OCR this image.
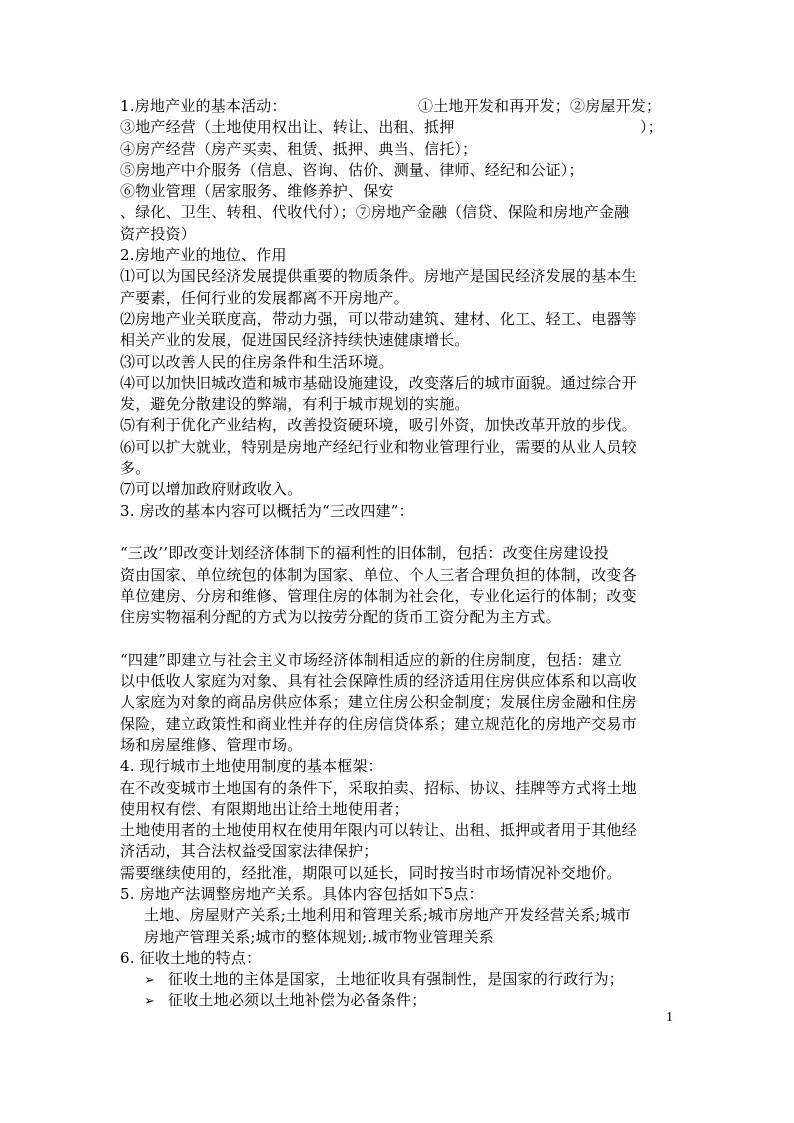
1.房地产业的基本活动：	①土地开发和再开发；②房屋开发；
③地产经营（土地使用权出让、转让、出租、抵押	）；
④房产经营（房产买卖、租赁、抵押、典当、信托）；
⑤房地产中介服务（信息、咨询、估价、测量、律师、经纪和公证）；
⑥物业管理（居家服务、维修养护、保安
、绿化、卫生、转租、代收代付）；⑦房地产金融（信贷、保险和房地产金融
资产投资）
2.房地产业的地位、作用
⑴可以为国民经济发展提供重要的物质条件。房地产是国民经济发展的基本生
产要素，任何行业的发展都离不开房地产。
⑵房地产业关联度高，带动力强，可以带动建筑、建材、化工、轻工、电器等
相关产业的发展，促进国民经济持续快速健康增长。
⑶可以改善人民的住房条件和生活环境。
⑷可以加快旧城改造和城市基础设施建设，改变落后的城市面貌。通过综合开
发，避免分散建设的弊端，有利于城市规划的实施。
⑸有利于优化产业结构，改善投资硬环境，吸引外资，加快改革开放的步伐。
⑹可以扩大就业，特别是房地产经纪行业和物业管理行业，需要的从业人员较
多。
⑺可以增加政府财政收入。
3. 房改的基本内容可以概括为“三改四建”：
“三改’’即改变计划经济体制下的福利性的旧体制，包括：改变住房建设投
资由国家、单位统包的体制为国家、单位、个人三者合理负担的体制，改变各
单位建房、分房和维修、管理住房的体制为社会化，专业化运行的体制；改变
住房实物福利分配的方式为以按劳分配的货币工资分配为主方式。
“四建”即建立与社会主义市场经济体制相适应的新的住房制度，包括：建立
以中低收人家庭为对象、具有社会保障性质的经济适用住房供应体系和以高收
人家庭为对象的商品房供应体系；建立住房公积金制度；发展住房金融和住房
保险，建立政策性和商业性并存的住房信贷体系；建立规范化的房地产交易市
场和房屋维修、管理市场。
4. 现行城市土地使用制度的基本框架：
在不改变城市土地国有的条件下，采取拍卖、招标、协议、挂牌等方式将土地
使用权有偿、有限期地出让给土地使用者；
土地使用者的土地使用权在使用年限内可以转让、出租、抵押或者用于其他经
济活动，其合法权益受国家法律保护；
需要继续使用的，经批准，期限可以延长，同时按当时市场情况补交地价。
5. 房地产法调整房地产关系。具体内容包括如下5点：
土地、房屋财产关系;土地利用和管理关系;城市房地产开发经营关系;城市
房地产管理关系;城市的整体规划;.城市物业管理关系
6. 征收土地的特点：
➢ 征收土地的主体是国家，土地征收具有强制性，是国家的行政行为；
➢ 征收土地必须以土地补偿为必备条件；
1
